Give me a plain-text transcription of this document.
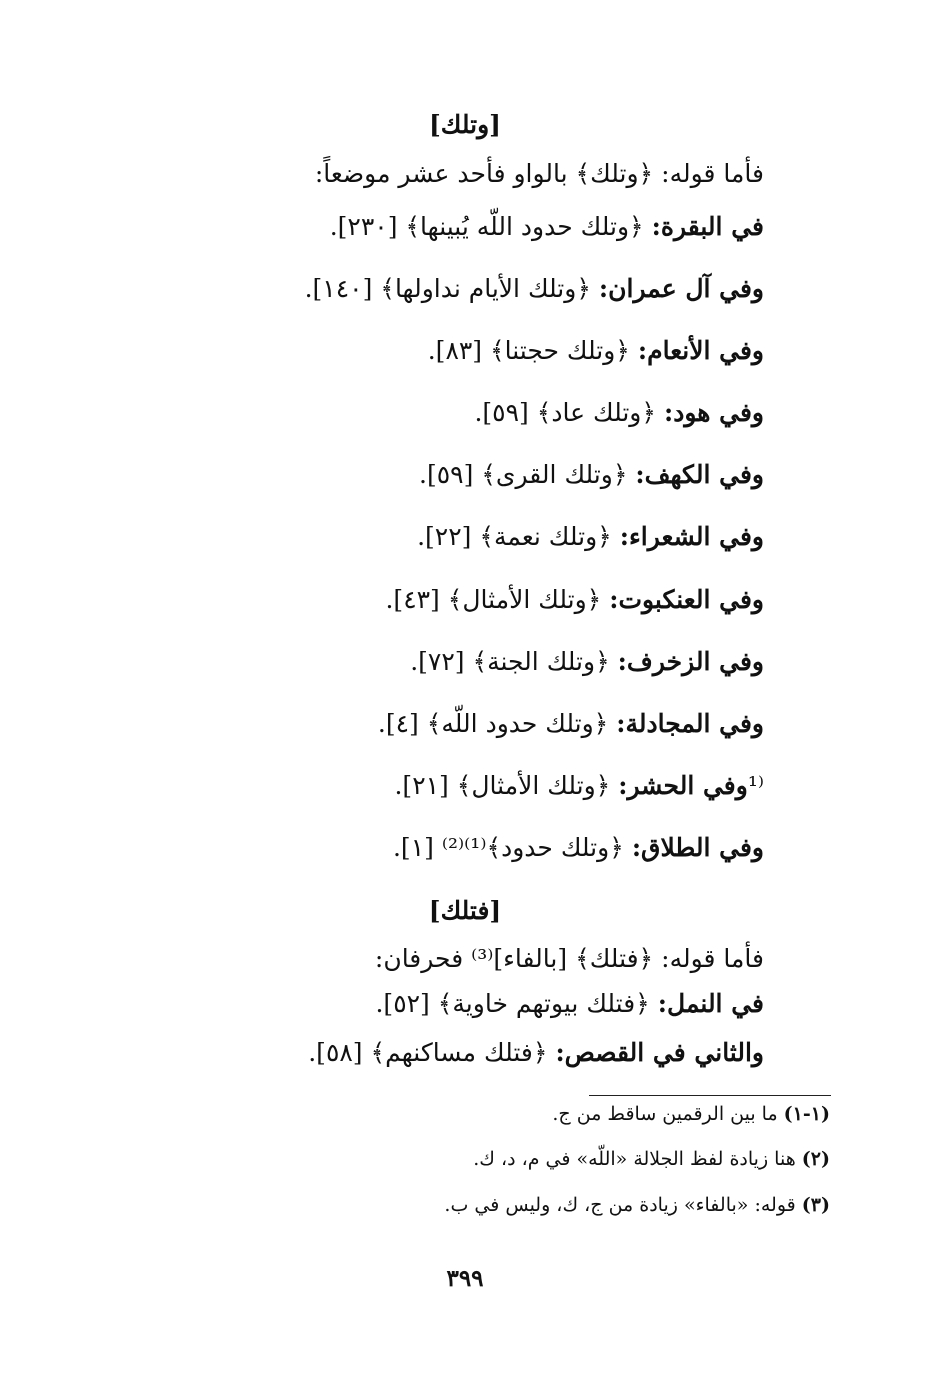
[وتلك]
فأما قوله: ﴿وتلك﴾ بالواو فأحد عشر موضعاً:
في البقرة: ﴿وتلك حدود اللّه يُبينها﴾ [٢٣٠].
وفي آل عمران: ﴿وتلك الأيام نداولها﴾ [١٤٠].
وفي الأنعام: ﴿وتلك حجتنا﴾ [٨٣].
وفي هود: ﴿وتلك عاد﴾ [٥٩].
وفي الكهف: ﴿وتلك القرى﴾ [٥٩].
وفي الشعراء: ﴿وتلك نعمة﴾ [٢٢].
وفي العنكبوت: ﴿وتلك الأمثال﴾ [٤٣].
وفي الزخرف: ﴿وتلك الجنة﴾ [٧٢].
وفي المجادلة: ﴿وتلك حدود اللّه﴾ [٤].
⁽¹وفي الحشر: ﴿وتلك الأمثال﴾ [٢١].
وفي الطلاق: ﴿وتلك حدود﴾⁽¹⁾⁽²⁾ [١].
[فتلك]
فأما قوله: ﴿فتلك﴾ [بالفاء]⁽³⁾ فحرفان:
في النمل: ﴿فتلك بيوتهم خاوية﴾ [٥٢].
والثاني في القصص: ﴿فتلك مساكنهم﴾ [٥٨].
(١-١) ما بين الرقمين ساقط من ج.
(٢) هنا زيادة لفظ الجلالة «اللّه» في م، د، ك.
(٣) قوله: «بالفاء» زيادة من ج، ك، وليس في ب.
٣٩٩
